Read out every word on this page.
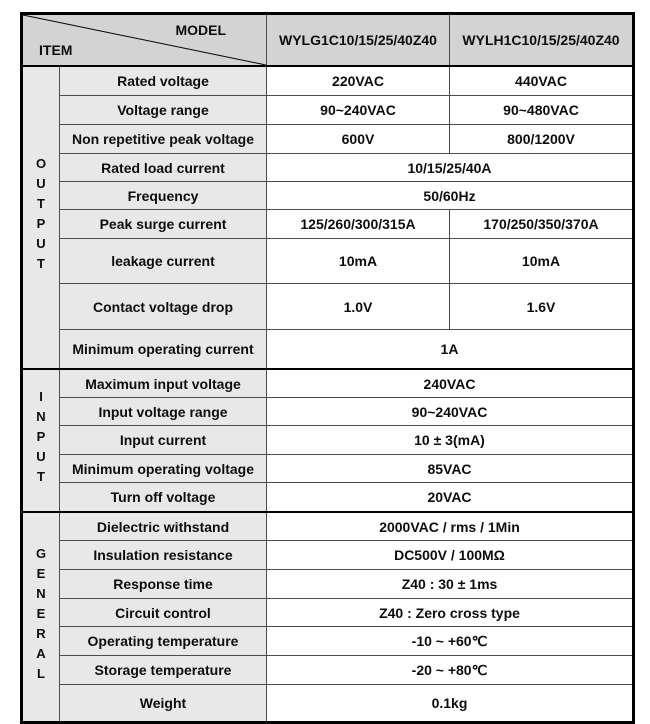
MODEL
ITEM		WYLG1C10/15/25/40Z40	WYLH1C10/15/25/40Z40
OUTPUT	Rated voltage	220VAC	440VAC
	Voltage range	90~240VAC	90~480VAC
	Non repetitive peak voltage	600V	800/1200V
	Rated load current	10/15/25/40A	
	Frequency	50/60Hz	
	Peak surge current	125/260/300/315A	170/250/350/370A
	leakage current	10mA	10mA
	Contact voltage drop	1.0V	1.6V
	Minimum operating current	1A	
INPUT	Maximum input voltage	240VAC	
	Input voltage range	90~240VAC	
	Input current	10 ± 3(mA)	
	Minimum operating voltage	85VAC	
	Turn off voltage	20VAC	
GENERAL	Dielectric withstand	2000VAC / rms / 1Min	
	Insulation resistance	DC500V / 100MΩ	
	Response time	Z40 : 30 ± 1ms	
	Circuit control	Z40 : Zero cross type	
	Operating temperature	-10 ~ +60℃	
	Storage temperature	-20 ~ +80℃	
	Weight	0.1kg	
